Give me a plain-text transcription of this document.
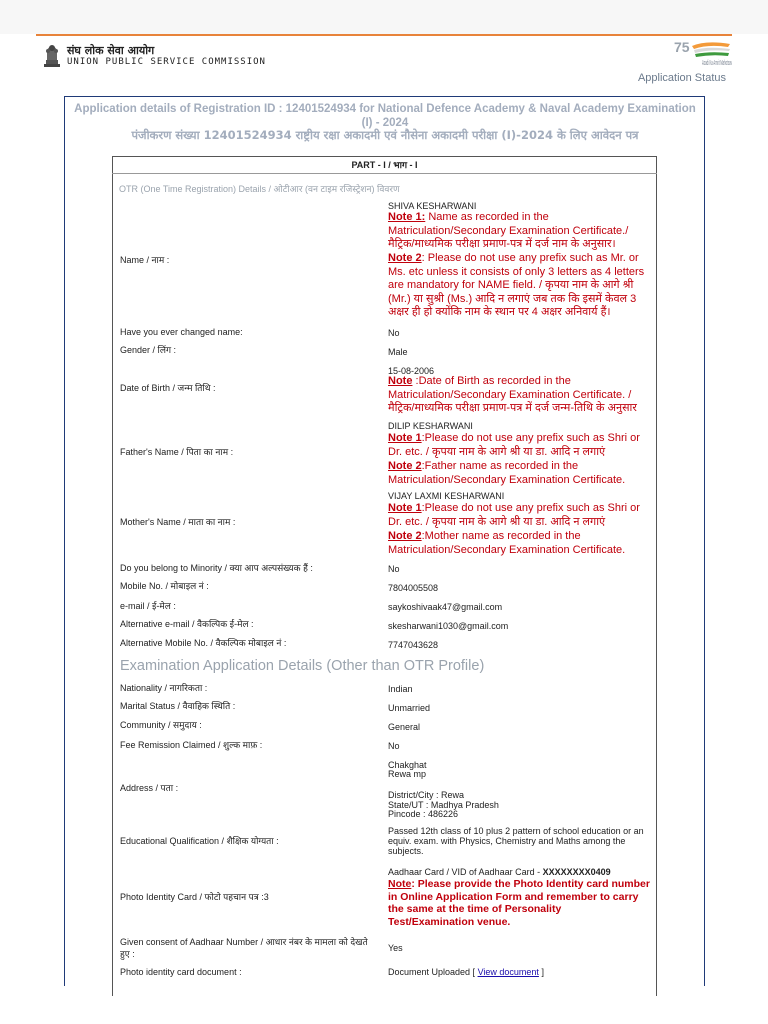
संघ लोक सेवा आयोग
UNION PUBLIC SERVICE COMMISSION
75
Azadi Ka Amrit Mahotsav
Application Status
Application details of Registration ID : 12401524934 for National Defence Academy & Naval Academy Examination (I) - 2024
पंजीकरण संख्या 12401524934 राष्ट्रीय रक्षा अकादमी एवं नौसेना अकादमी परीक्षा (I)-2024 के लिए आवेदन पत्र
PART - I / भाग - I
OTR (One Time Registration) Details / ओटीआर (वन टाइम रजिस्ट्रेशन) विवरण
Name / नाम :
SHIVA KESHARWANI
Note 1: Name as recorded in the Matriculation/Secondary Examination Certificate./ मैट्रिक/माध्यमिक परीक्षा प्रमाण-पत्र में दर्ज नाम के अनुसार।
Note 2: Please do not use any prefix such as Mr. or Ms. etc unless it consists of only 3 letters as 4 letters are mandatory for NAME field. / कृपया नाम के आगे श्री (Mr.) या सुश्री (Ms.) आदि न लगाएं जब तक कि इसमें केवल 3 अक्षर ही हो क्योंकि नाम के स्थान पर 4 अक्षर अनिवार्य हैं।
Have you ever changed name:	No
Gender / लिंग :	Male
Date of Birth / जन्म तिथि :
15-08-2006
Note :Date of Birth as recorded in the Matriculation/Secondary Examination Certificate. / मैट्रिक/माध्यमिक परीक्षा प्रमाण-पत्र में दर्ज जन्म-तिथि के अनुसार
Father's Name / पिता का नाम :
DILIP KESHARWANI
Note 1:Please do not use any prefix such as Shri or Dr. etc. / कृपया नाम के आगे श्री या डा. आदि न लगाएं
Note 2:Father name as recorded in the Matriculation/Secondary Examination Certificate.
Mother's Name / माता का नाम :
VIJAY LAXMI KESHARWANI
Note 1:Please do not use any prefix such as Shri or Dr. etc. / कृपया नाम के आगे श्री या डा. आदि न लगाएं
Note 2:Mother name as recorded in the Matriculation/Secondary Examination Certificate.
Do you belong to Minority / क्या आप अल्पसंख्यक हैं :	No
Mobile No. / मोबाइल नं :	7804005508
e-mail / ई-मेल :	saykoshivaak47@gmail.com
Alternative e-mail / वैकल्पिक ई-मेल :	skesharwani1030@gmail.com
Alternative Mobile No. / वैकल्पिक मोबाइल नं :	7747043628
Examination Application Details (Other than OTR Profile)
Nationality / नागरिकता :	Indian
Marital Status / वैवाहिक स्थिति :	Unmarried
Community / समुदाय :	General
Fee Remission Claimed / शुल्क माफ़ :	No
Address / पता :
Chakghat
Rewa mp
District/City : Rewa
State/UT : Madhya Pradesh
Pincode : 486226
Educational Qualification / शैक्षिक योग्यता :
Passed 12th class of 10 plus 2 pattern of school education or an equiv. exam. with Physics, Chemistry and Maths among the subjects.
Photo Identity Card / फोटो पहचान पत्र :3
Aadhaar Card / VID of Aadhaar Card - XXXXXXXX0409
Note: Please provide the Photo Identity card number in Online Application Form and remember to carry the same at the time of Personality Test/Examination venue.
Given consent of Aadhaar Number / आधार नंबर के मामला को देखते हुए :
Yes
Photo identity card document :	Document Uploaded [ View document ]
